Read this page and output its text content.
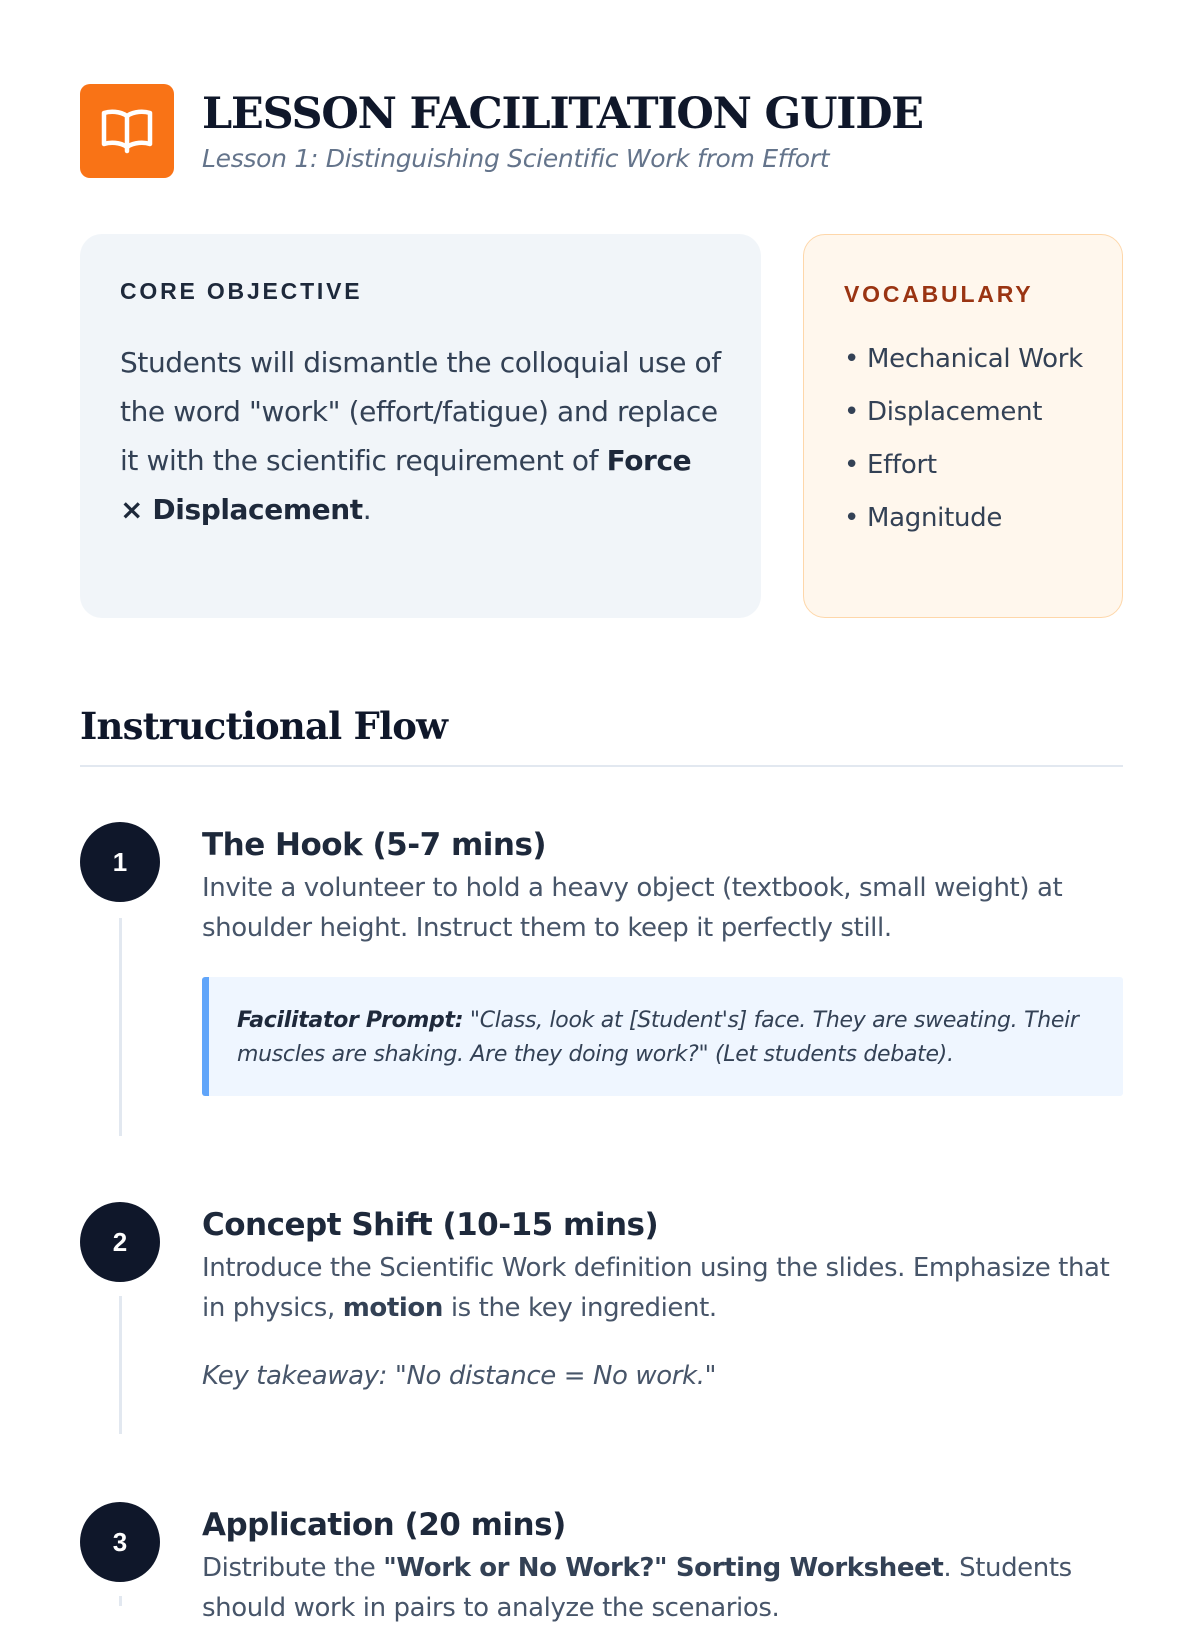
LESSON FACILITATION GUIDE
Lesson 1: Distinguishing Scientific Work from Effort
CORE OBJECTIVE
Students will dismantle the colloquial use of the word "work" (effort/fatigue) and replace it with the scientific requirement of Force × Displacement.
VOCABULARY
• Mechanical Work
• Displacement
• Effort
• Magnitude
Instructional Flow
1	The Hook (5-7 mins)
Invite a volunteer to hold a heavy object (textbook, small weight) at shoulder height. Instruct them to keep it perfectly still.
Facilitator Prompt: "Class, look at [Student's] face. They are sweating. Their muscles are shaking. Are they doing work?" (Let students debate).
2	Concept Shift (10-15 mins)
Introduce the Scientific Work definition using the slides. Emphasize that in physics, motion is the key ingredient.
Key takeaway: "No distance = No work."
3	Application (20 mins)
Distribute the "Work or No Work?" Sorting Worksheet. Students should work in pairs to analyze the scenarios.
